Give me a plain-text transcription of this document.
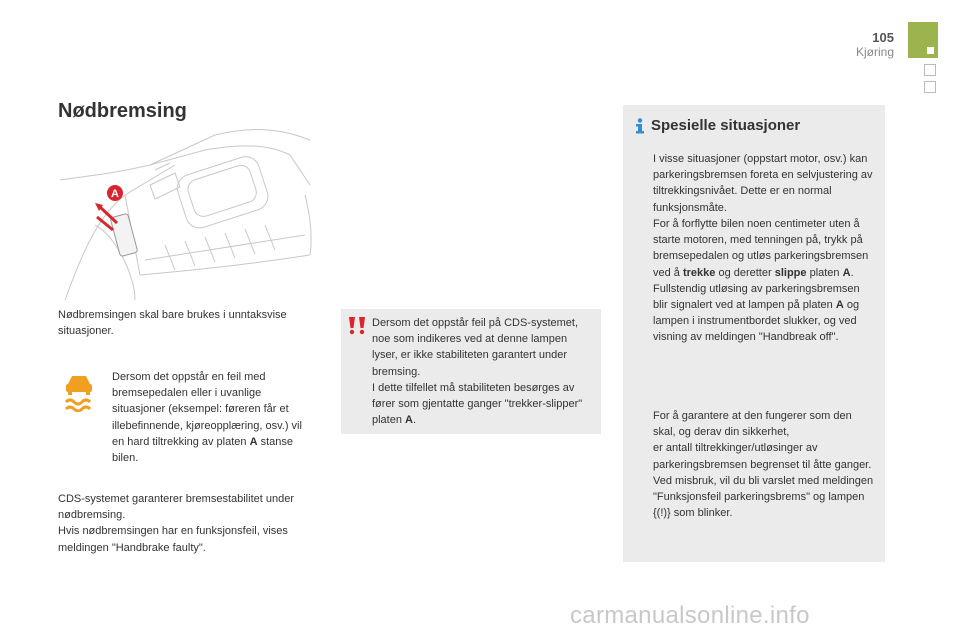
105
Kjøring
Nødbremsing
A

Nødbremsingen skal bare brukes i unntaksvise situasjoner.

Dersom det oppstår en feil med bremsepedalen eller i uvanlige situasjoner (eksempel: føreren får et illebefinnende, kjøreopplæring, osv.) vil en hard tiltrekking av platen A stanse bilen.

CDS-systemet garanterer bremsestabilitet under nødbremsing.
Hvis nødbremsingen har en funksjonsfeil, vises meldingen "Handbrake faulty".

Dersom det oppstår feil på CDS-systemet, noe som indikeres ved at denne lampen lyser, er ikke stabiliteten garantert under bremsing.
I dette tilfellet må stabiliteten besørges av fører som gjentatte ganger "trekker-slipper" platen A.

Spesielle situasjoner

I visse situasjoner (oppstart motor, osv.) kan parkeringsbremsen foreta en selvjustering av tiltrekkingsnivået. Dette er en normal funksjonsmåte.

For å forflytte bilen noen centimeter uten å starte motoren, med tenningen på, trykk på bremsepedalen og utløs parkeringsbremsen ved å trekke og deretter slippe platen A. Fullstendig utløsing av parkeringsbremsen blir signalert ved at lampen på platen A og lampen i instrumentbordet slukker, og ved visning av meldingen "Handbreak off".

For å garantere at den fungerer som den skal, og derav din sikkerhet,
er antall tiltrekkinger/utløsinger av parkeringsbremsen begrenset til åtte ganger.
Ved misbruk, vil du bli varslet med meldingen "Funksjonsfeil parkeringsbrems" og lampen {(!)} som blinker.

carmanualsonline.info
